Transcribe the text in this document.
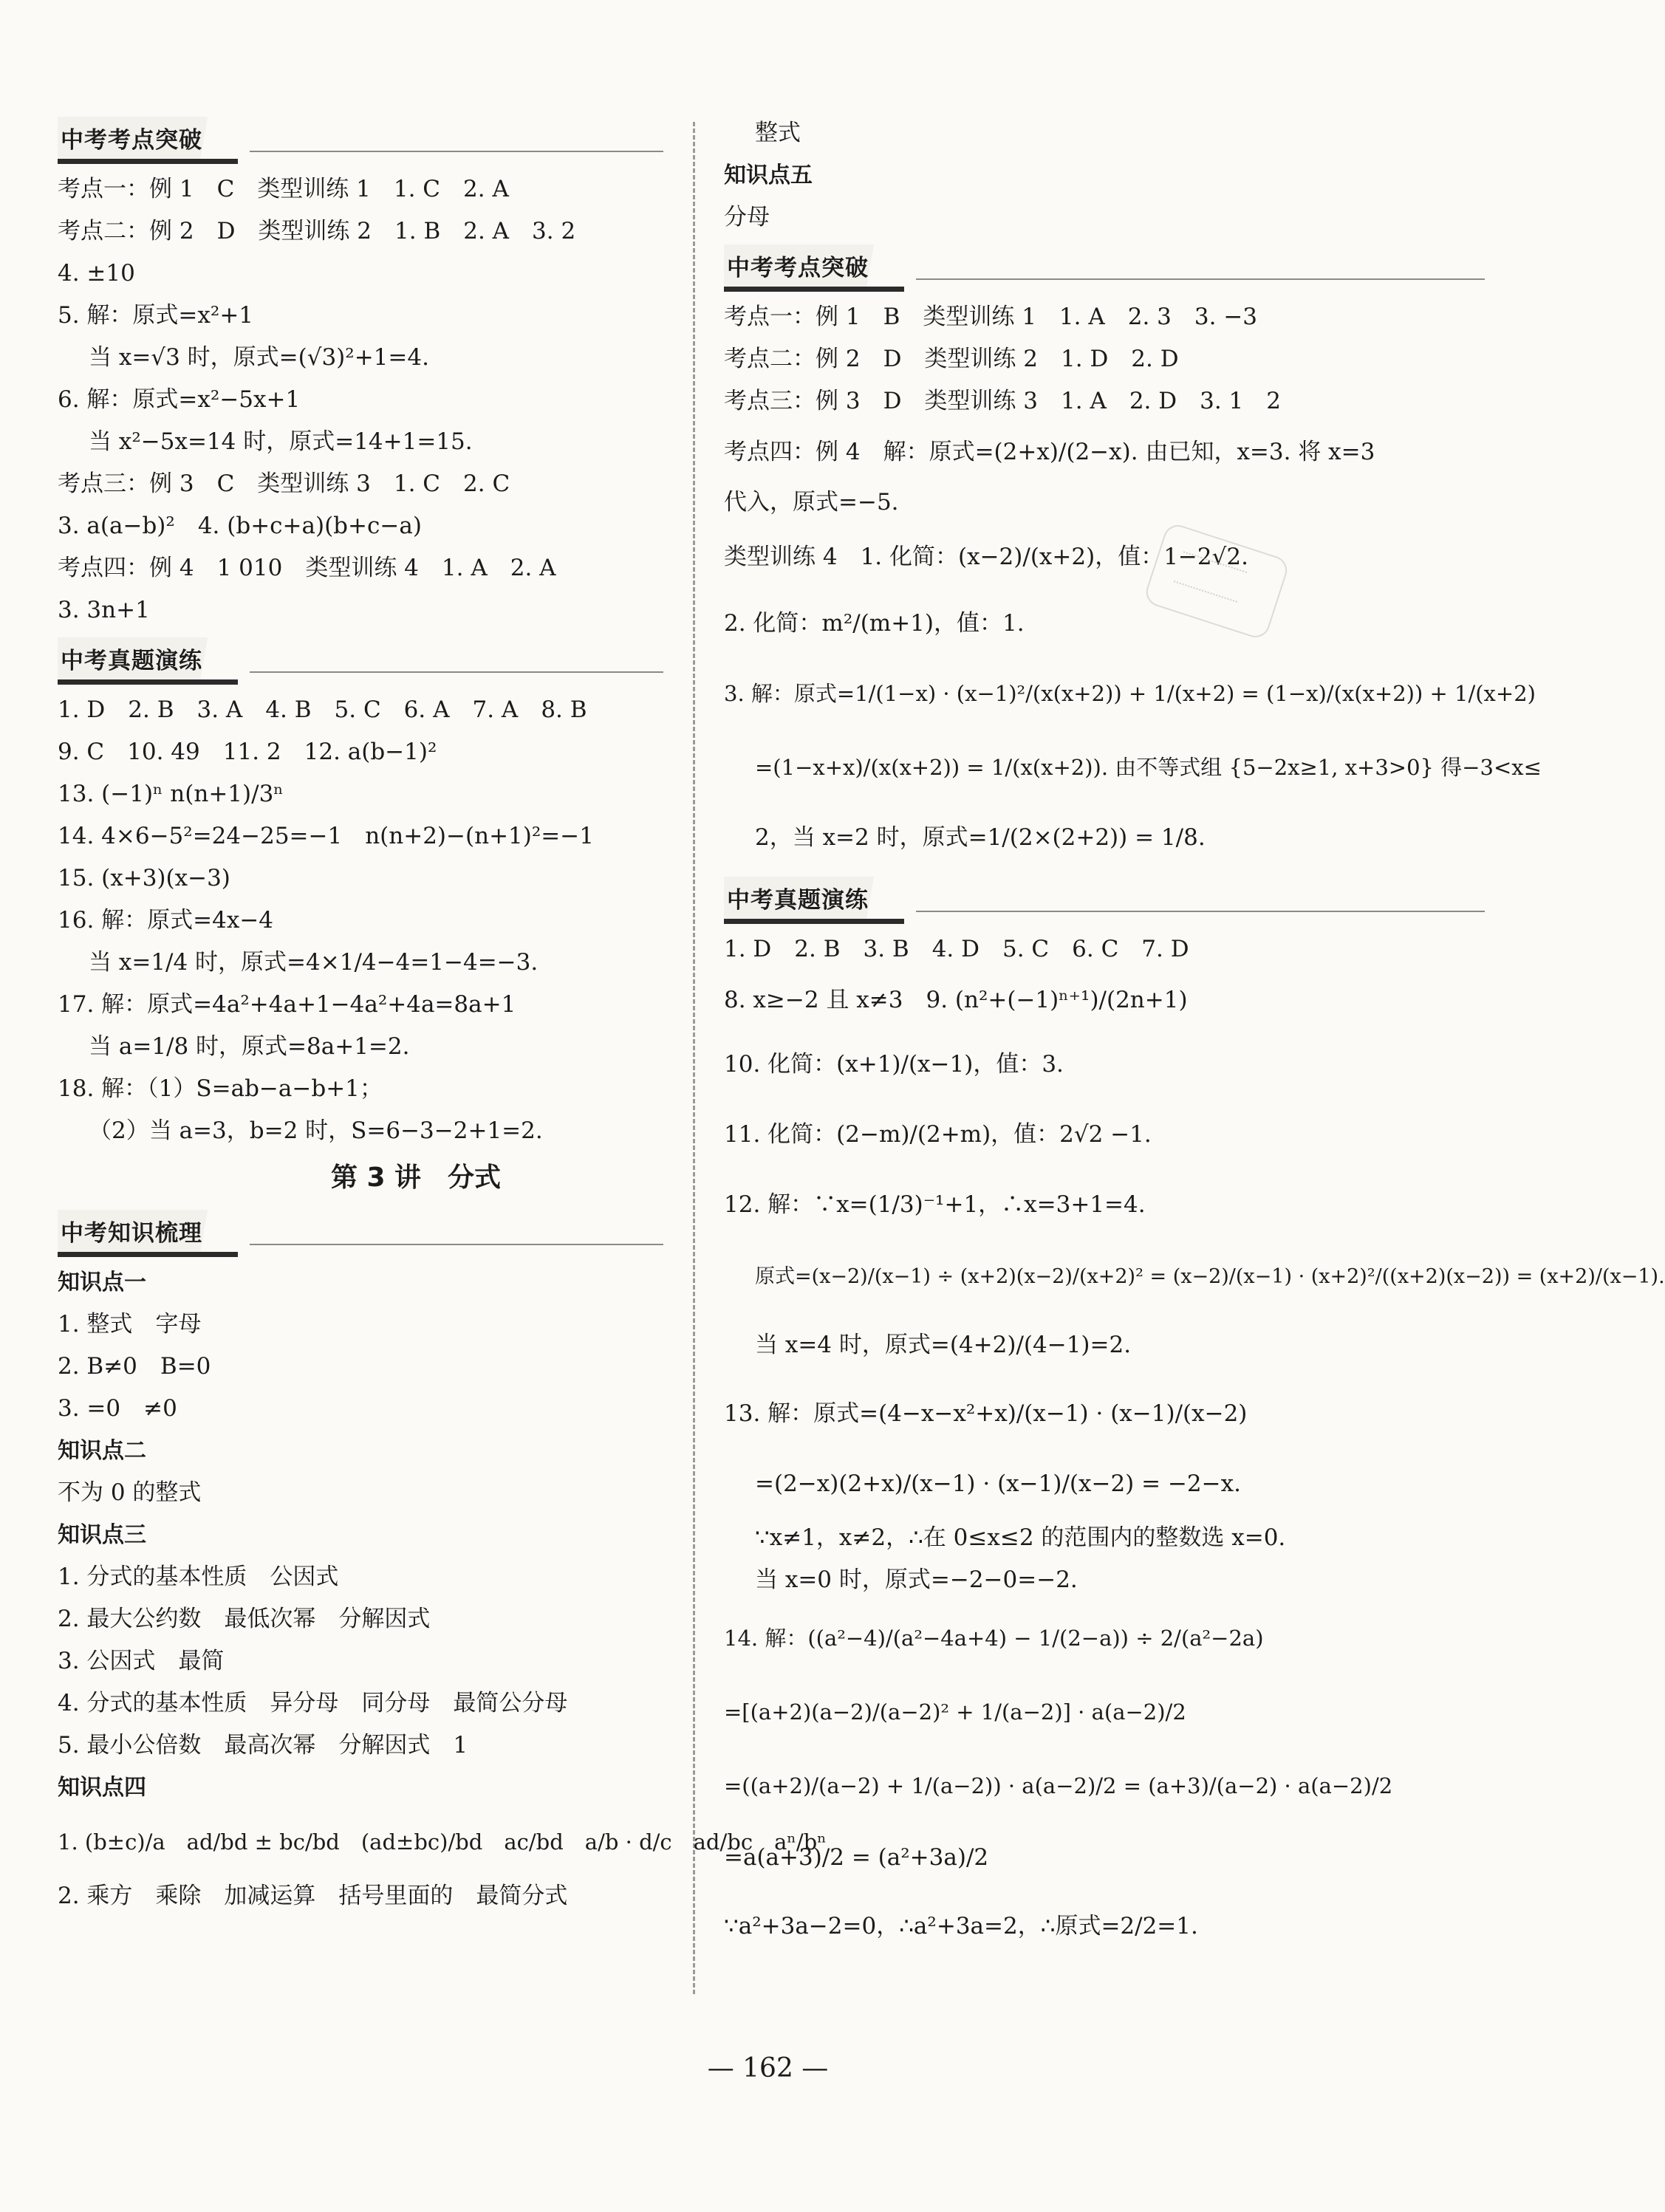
中考考点突破
考点一：例 1　C　类型训练 1　1. C　2. A
考点二：例 2　D　类型训练 2　1. B　2. A　3. 2
4. ±10
5. 解：原式=x²+1
当 x=√3 时，原式=(√3)²+1=4.
6. 解：原式=x²−5x+1
当 x²−5x=14 时，原式=14+1=15.
考点三：例 3　C　类型训练 3　1. C　2. C
3. a(a−b)²　4. (b+c+a)(b+c−a)
考点四：例 4　1 010　类型训练 4　1. A　2. A
3. 3n+1
中考真题演练
1. D　2. B　3. A　4. B　5. C　6. A　7. A　8. B
9. C　10. 49　11. 2　12. a(b−1)²
13. (−1)ⁿ n(n+1)/3ⁿ
14. 4×6−5²=24−25=−1　n(n+2)−(n+1)²=−1
15. (x+3)(x−3)
16. 解：原式=4x−4
当 x=1/4 时，原式=4×1/4−4=1−4=−3.
17. 解：原式=4a²+4a+1−4a²+4a=8a+1
当 a=1/8 时，原式=8a+1=2.
18. 解：（1）S=ab−a−b+1；
（2）当 a=3，b=2 时，S=6−3−2+1=2.
第 3 讲　分式
中考知识梳理
知识点一
1. 整式　字母
2. B≠0　B=0
3. =0　≠0
知识点二
不为 0 的整式
知识点三
1. 分式的基本性质　公因式
2. 最大公约数　最低次幂　分解因式
3. 公因式　最简
4. 分式的基本性质　异分母　同分母　最简公分母
5. 最小公倍数　最高次幂　分解因式　1
知识点四
1. (b±c)/a　ad/bd ± bc/bd　(ad±bc)/bd　ac/bd　a/b · d/c　ad/bc　aⁿ/bⁿ
2. 乘方　乘除　加减运算　括号里面的　最简分式
整式
知识点五
分母
中考考点突破
考点一：例 1　B　类型训练 1　1. A　2. 3　3. −3
考点二：例 2　D　类型训练 2　1. D　2. D
考点三：例 3　D　类型训练 3　1. A　2. D　3. 1　2
考点四：例 4　解：原式=(2+x)/(2−x). 由已知，x=3. 将 x=3
代入，原式=−5.
类型训练 4　1. 化简：(x−2)/(x+2)，值：1−2√2.
2. 化简：m²/(m+1)，值：1.
3. 解：原式=1/(1−x) · (x−1)²/(x(x+2)) + 1/(x+2) = (1−x)/(x(x+2)) + 1/(x+2)
=(1−x+x)/(x(x+2)) = 1/(x(x+2)). 由不等式组 {5−2x≥1, x+3>0} 得−3<x≤
2，当 x=2 时，原式=1/(2×(2+2)) = 1/8.
中考真题演练
1. D　2. B　3. B　4. D　5. C　6. C　7. D
8. x≥−2 且 x≠3　9. (n²+(−1)ⁿ⁺¹)/(2n+1)
10. 化简：(x+1)/(x−1)，值：3.
11. 化简：(2−m)/(2+m)，值：2√2 −1.
12. 解：∵x=(1/3)⁻¹+1，∴x=3+1=4.
原式=(x−2)/(x−1) ÷ (x+2)(x−2)/(x+2)² = (x−2)/(x−1) · (x+2)²/((x+2)(x−2)) = (x+2)/(x−1).
当 x=4 时，原式=(4+2)/(4−1)=2.
13. 解：原式=(4−x−x²+x)/(x−1) · (x−1)/(x−2)
=(2−x)(2+x)/(x−1) · (x−1)/(x−2) = −2−x.
∵x≠1，x≠2，∴在 0≤x≤2 的范围内的整数选 x=0.
当 x=0 时，原式=−2−0=−2.
14. 解：((a²−4)/(a²−4a+4) − 1/(2−a)) ÷ 2/(a²−2a)
=[(a+2)(a−2)/(a−2)² + 1/(a−2)] · a(a−2)/2
=((a+2)/(a−2) + 1/(a−2)) · a(a−2)/2 = (a+3)/(a−2) · a(a−2)/2
=a(a+3)/2 = (a²+3a)/2
∵a²+3a−2=0，∴a²+3a=2，∴原式=2/2=1.
— 162 —
